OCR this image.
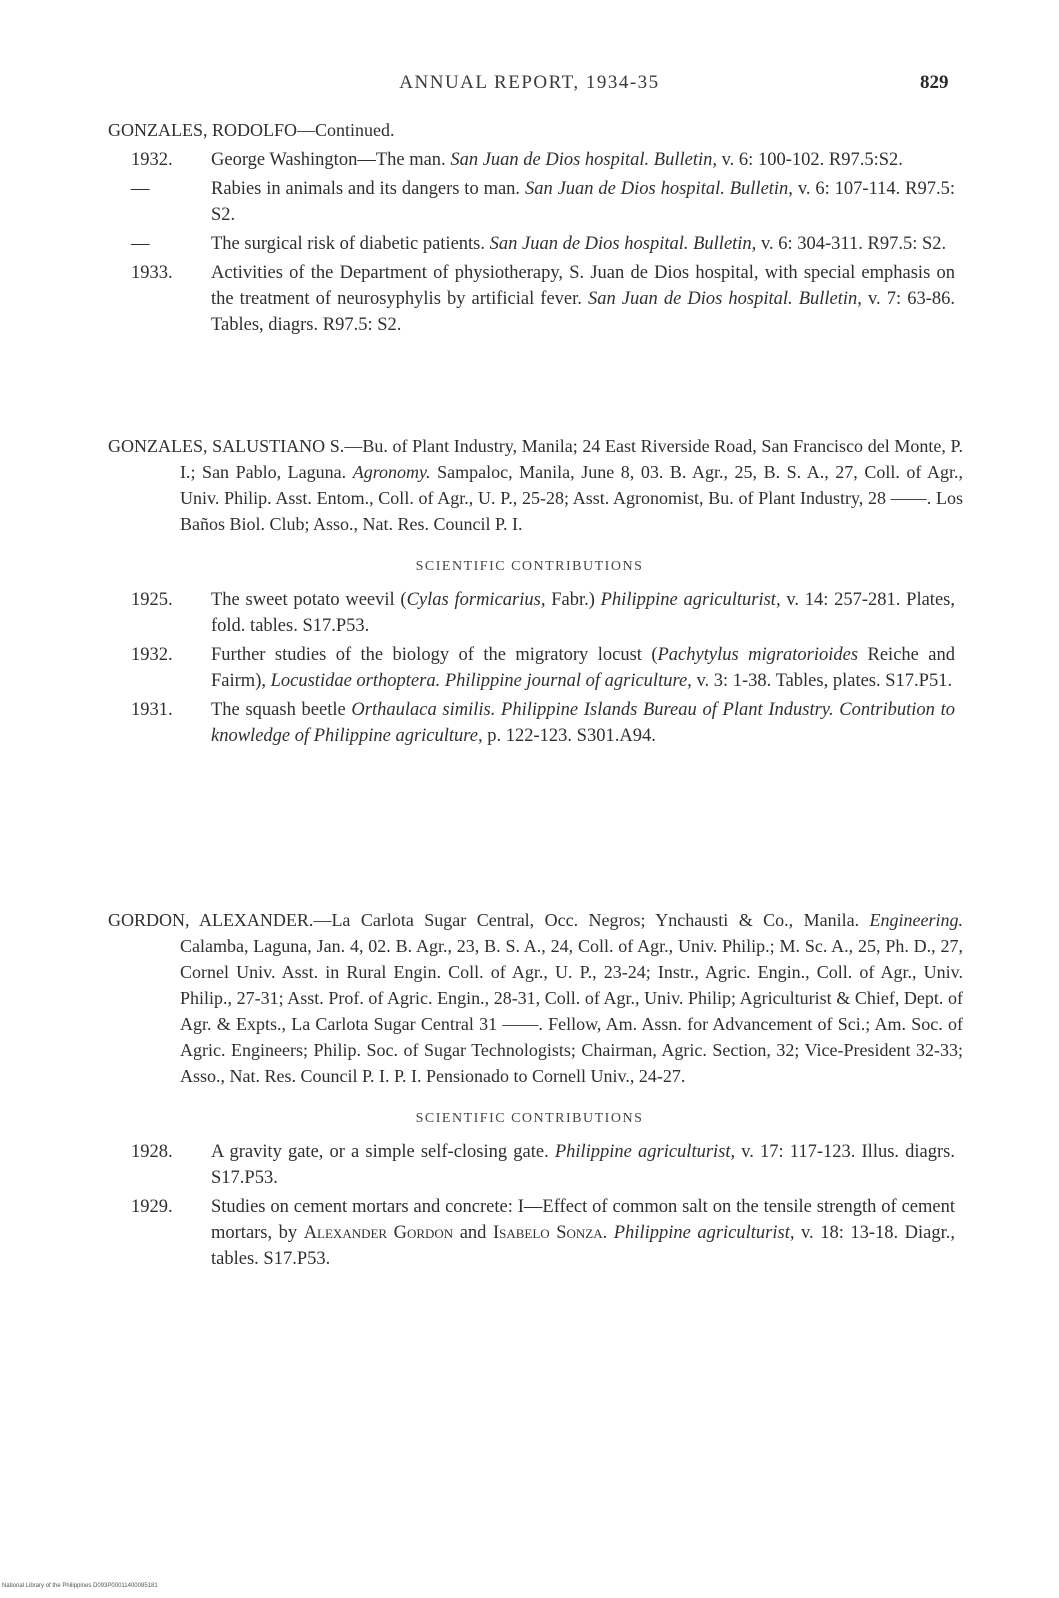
ANNUAL REPORT, 1934-35	829
GONZALES, RODOLFO—Continued.
1932. George Washington—The man. San Juan de Dios hospital. Bulletin, v. 6: 100-102. R97.5:S2.
—	Rabies in animals and its dangers to man. San Juan de Dios hospital. Bulletin, v. 6: 107-114. R97.5: S2.
—	The surgical risk of diabetic patients. San Juan de Dios hospital. Bulletin, v. 6: 304-311. R97.5: S2.
1933. Activities of the Department of physiotherapy, S. Juan de Dios hospital, with special emphasis on the treatment of neurosyphylis by artificial fever. San Juan de Dios hospital. Bulletin, v. 7: 63-86. Tables, diagrs. R97.5: S2.
GONZALES, SALUSTIANO S.—Bu. of Plant Industry, Manila; 24 East Riverside Road, San Francisco del Monte, P. I.; San Pablo, Laguna. Agronomy. Sampaloc, Manila, June 8, 03. B. Agr., 25, B. S. A., 27, Coll. of Agr., Univ. Philip. Asst. Entom., Coll. of Agr., U. P., 25-28; Asst. Agronomist, Bu. of Plant Industry, 28 ——. Los Baños Biol. Club; Asso., Nat. Res. Council P. I.
SCIENTIFIC CONTRIBUTIONS
1925. The sweet potato weevil (Cylas formicarius, Fabr.) Philippine agriculturist, v. 14: 257-281. Plates, fold. tables. S17.P53.
1932. Further studies of the biology of the migratory locust (Pachytylus migratorioides Reiche and Fairm), Locustidae orthoptera. Philippine journal of agriculture, v. 3: 1-38. Tables, plates. S17.P51.
1931. The squash beetle Orthaulaca similis. Philippine Islands Bureau of Plant Industry. Contribution to knowledge of Philippine agriculture, p. 122-123. S301.A94.
GORDON, ALEXANDER.—La Carlota Sugar Central, Occ. Negros; Ynchausti & Co., Manila. Engineering. Calamba, Laguna, Jan. 4, 02. B. Agr., 23, B. S. A., 24, Coll. of Agr., Univ. Philip.; M. Sc. A., 25, Ph. D., 27, Cornel Univ. Asst. in Rural Engin. Coll. of Agr., U. P., 23-24; Instr., Agric. Engin., Coll. of Agr., Univ. Philip., 27-31; Asst. Prof. of Agric. Engin., 28-31, Coll. of Agr., Univ. Philip; Agriculturist & Chief, Dept. of Agr. & Expts., La Carlota Sugar Central 31 ——. Fellow, Am. Assn. for Advancement of Sci.; Am. Soc. of Agric. Engineers; Philip. Soc. of Sugar Technologists; Chairman, Agric. Section, 32; Vice-President 32-33; Asso., Nat. Res. Council P. I. P. I. Pensionado to Cornell Univ., 24-27.
SCIENTIFIC CONTRIBUTIONS
1928. A gravity gate, or a simple self-closing gate. Philippine agriculturist, v. 17: 117-123. Illus. diagrs. S17.P53.
1929. Studies on cement mortars and concrete: I—Effect of common salt on the tensile strength of cement mortars, by Alexander Gordon and Isabelo Sonza. Philippine agriculturist, v. 18: 13-18. Diagr., tables. S17.P53.
National Library of the Philippines D093P00011400085181
